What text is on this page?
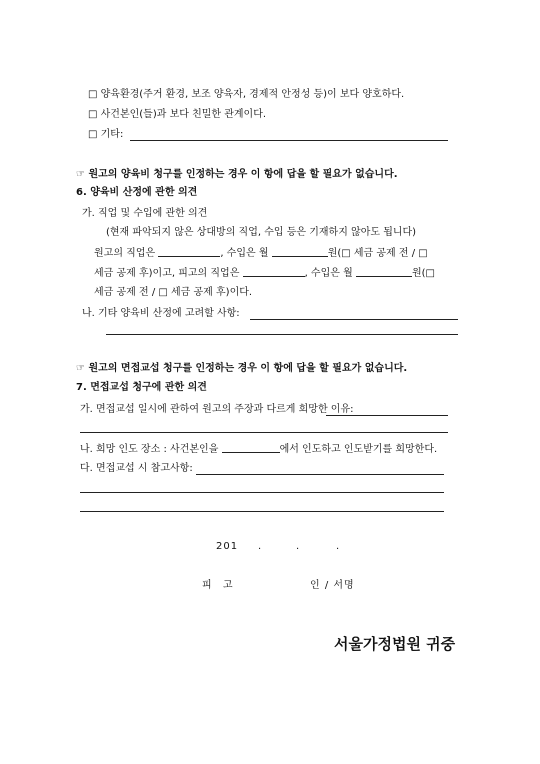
□ 양육환경(주거 환경, 보조 양육자, 경제적 안정성 등)이 보다 양호하다.
□ 사건본인(들)과 보다 친밀한 관계이다.
□ 기타:
☞ 원고의 양육비 청구를 인정하는 경우 이 항에 답을 할 필요가 없습니다.
6. 양육비 산정에 관한 의견
가. 직업 및 수입에 관한 의견
(현재 파악되지 않은 상대방의 직업, 수입 등은 기재하지 않아도 됩니다)
원고의 직업은	, 수입은 월	원(□ 세금 공제 전 / □
세금 공제 후)이고, 피고의 직업은	, 수입은 월	원(□
세금 공제 전 / □ 세금 공제 후)이다.
나. 기타 양육비 산정에 고려할 사항:
☞ 원고의 면접교섭 청구를 인정하는 경우 이 항에 답을 할 필요가 없습니다.
7. 면접교섭 청구에 관한 의견
가. 면접교섭 일시에 관하여 원고의 주장과 다르게 희망한 이유:
나. 희망 인도 장소 : 사건본인을	에서 인도하고 인도받기를 희망한다.
다. 면접교섭 시 참고사항:
201 .	.	.
피 고	인 / 서명
서울가정법원 귀중
